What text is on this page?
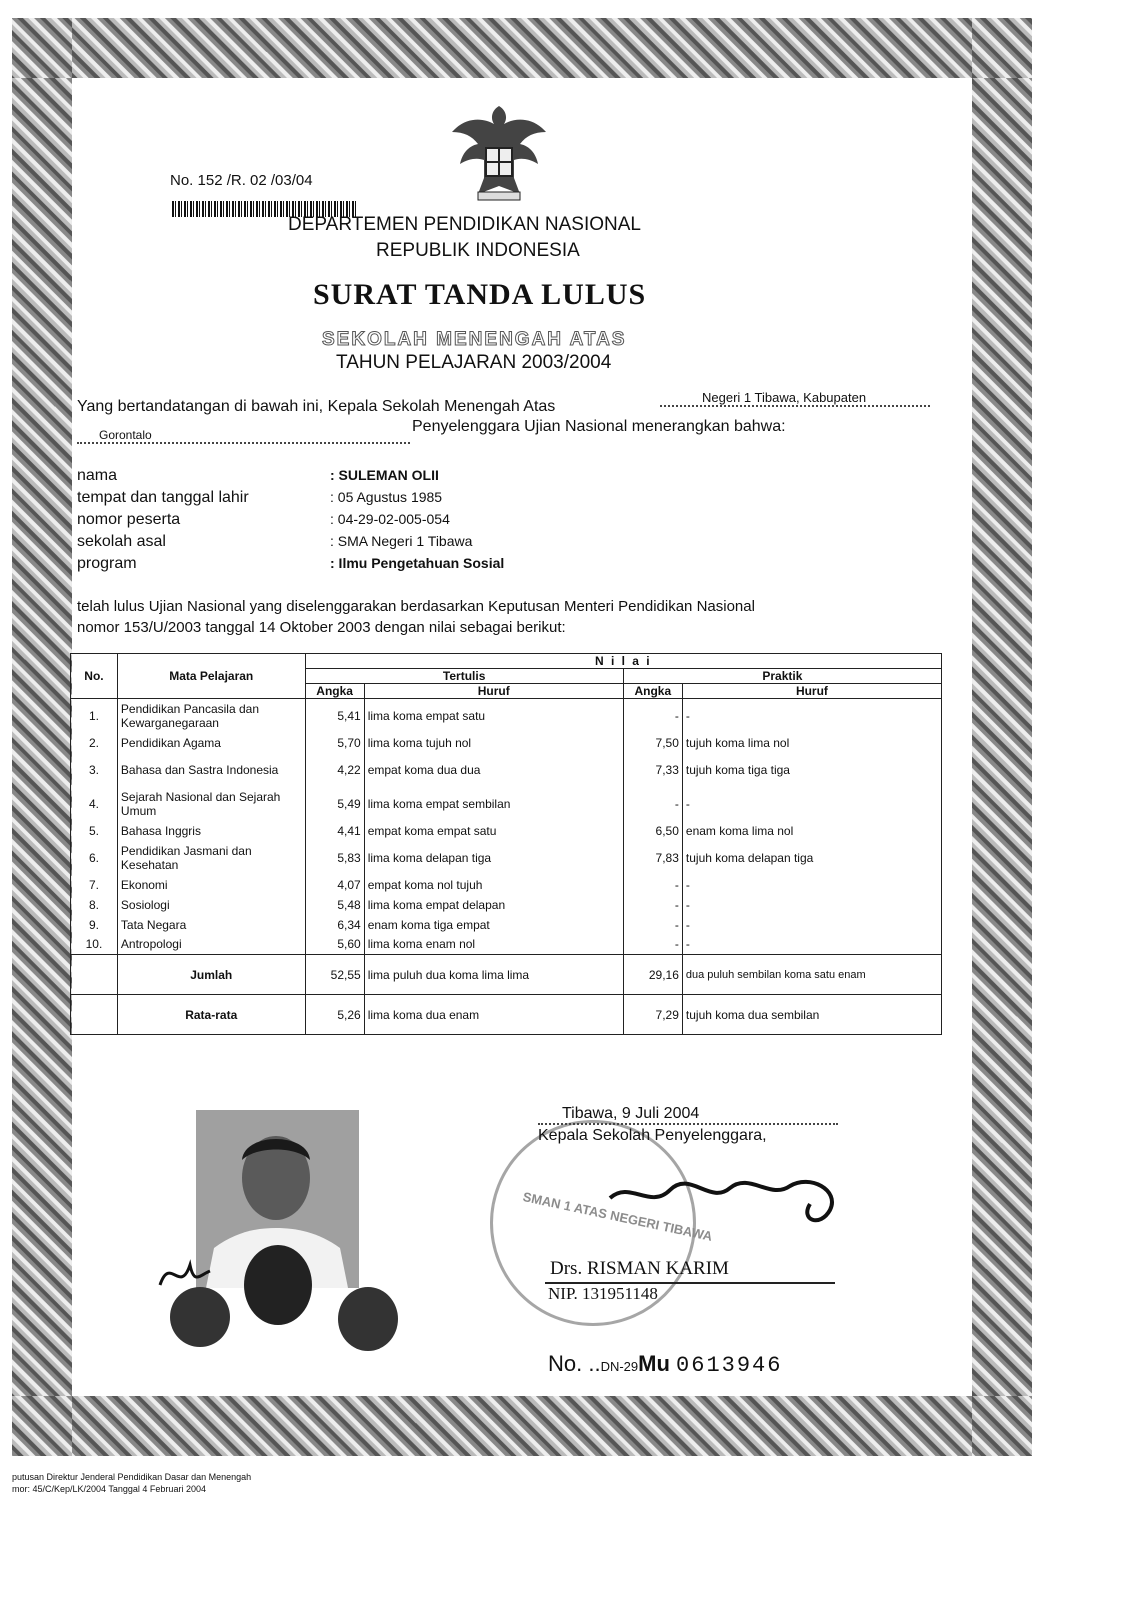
No. 152 /R. 02 /03/04
DEPARTEMEN PENDIDIKAN NASIONAL
REPUBLIK INDONESIA
SURAT TANDA LULUS
SEKOLAH MENENGAH ATAS
TAHUN PELAJARAN 2003/2004
Yang bertandatangan di bawah ini, Kepala Sekolah Menengah Atas
Negeri 1 Tibawa, Kabupaten
Gorontalo	Penyelenggara Ujian Nasional menerangkan bahwa:
nama	: SULEMAN OLII
tempat dan tanggal lahir	: 05 Agustus 1985
nomor peserta	: 04-29-02-005-054
sekolah asal	: SMA Negeri 1 Tibawa
program	: Ilmu Pengetahuan Sosial
telah lulus Ujian Nasional yang diselenggarakan berdasarkan Keputusan Menteri Pendidikan Nasional
nomor 153/U/2003 tanggal 14 Oktober 2003 dengan nilai sebagai berikut:
No.	Mata Pelajaran	N i l a i			
		Tertulis		Praktik	
		Angka	Huruf	Angka	Huruf
1.	Pendidikan Pancasila dan Kewarganegaraan	5,41	lima koma empat satu	-	-
2.	Pendidikan Agama	5,70	lima koma tujuh nol	7,50	tujuh koma lima nol
3.	Bahasa dan Sastra Indonesia	4,22	empat koma dua dua	7,33	tujuh koma tiga tiga
4.	Sejarah Nasional dan Sejarah Umum	5,49	lima koma empat sembilan	-	-
5.	Bahasa Inggris	4,41	empat koma empat satu	6,50	enam koma lima nol
6.	Pendidikan Jasmani dan Kesehatan	5,83	lima koma delapan tiga	7,83	tujuh koma delapan tiga
7.	Ekonomi	4,07	empat koma nol tujuh	-	-
8.	Sosiologi	5,48	lima koma empat delapan	-	-
9.	Tata Negara	6,34	enam koma tiga empat	-	-
10.	Antropologi	5,60	lima koma enam nol	-	-
	Jumlah	52,55	lima puluh dua koma lima lima	29,16	dua puluh sembilan koma satu enam
	Rata-rata	5,26	lima koma dua enam	7,29	tujuh koma dua sembilan
SMAN 1 ATAS NEGERI TIBAWA
Tibawa, 9 Juli 2004
Kepala Sekolah Penyelenggara,
Drs. RISMAN KARIM
NIP. 131951148
No. ..DN-29Mu 0613946
putusan Direktur Jenderal Pendidikan Dasar dan Menengah
mor: 45/C/Kep/LK/2004 Tanggal 4 Februari 2004
